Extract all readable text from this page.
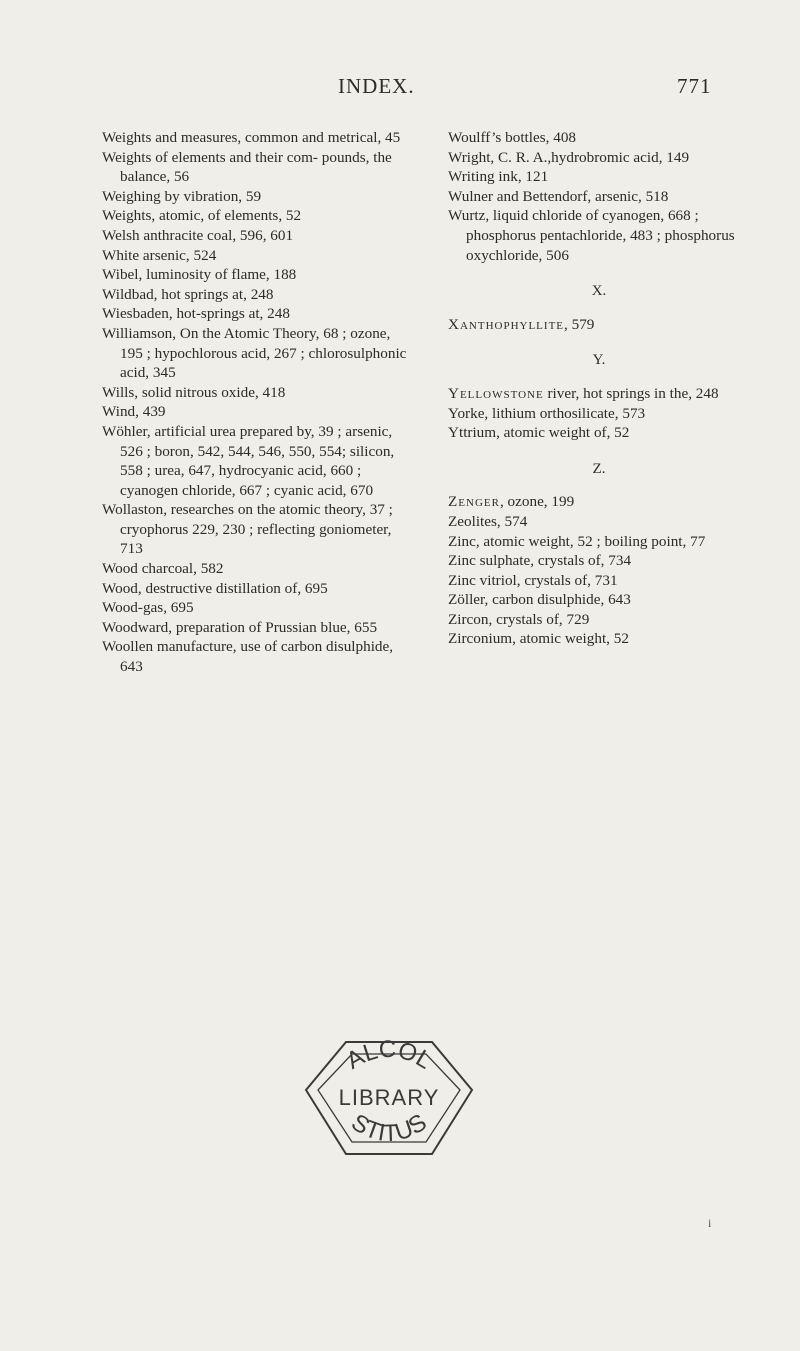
INDEX.	771

Weights and measures, common and metrical, 45

Weights of elements and their com- pounds, the balance, 56

Weighing by vibration, 59

Weights, atomic, of elements, 52

Welsh anthracite coal, 596, 601

White arsenic, 524

Wibel, luminosity of flame, 188

Wildbad, hot springs at, 248

Wiesbaden, hot-springs at, 248

Williamson, On the Atomic Theory, 68 ; ozone, 195 ; hypochlorous acid, 267 ; chlorosulphonic acid, 345

Wills, solid nitrous oxide, 418

Wind, 439

Wöhler, artificial urea prepared by, 39 ; arsenic, 526 ; boron, 542, 544, 546, 550, 554; silicon, 558 ; urea, 647, hydrocyanic acid, 660 ; cyanogen chloride, 667 ; cyanic acid, 670

Wollaston, researches on the atomic theory, 37 ; cryophorus 229, 230 ; reflecting goniometer, 713

Wood charcoal, 582

Wood, destructive distillation of, 695

Wood-gas, 695

Woodward, preparation of Prussian blue, 655

Woollen manufacture, use of carbon disulphide, 643

Woulff’s bottles, 408

Wright, C. R. A.,hydrobromic acid, 149

Writing ink, 121

Wulner and Bettendorf, arsenic, 518

Wurtz, liquid chloride of cyanogen, 668 ; phosphorus pentachloride, 483 ; phosphorus oxychloride, 506

X.

Xanthophyllite, 579

Y.

Yellowstone river, hot springs in the, 248

Yorke, lithium orthosilicate, 573

Yttrium, atomic weight of, 52

Z.

Zenger, ozone, 199

Zeolites, 574

Zinc, atomic weight, 52 ; boiling point, 77

Zinc sulphate, crystals of, 734

Zinc vitriol, crystals of, 731

Zöller, carbon disulphide, 643

Zircon, crystals of, 729

Zirconium, atomic weight, 52

ALCOL
LIBRARY
STITUS
i
